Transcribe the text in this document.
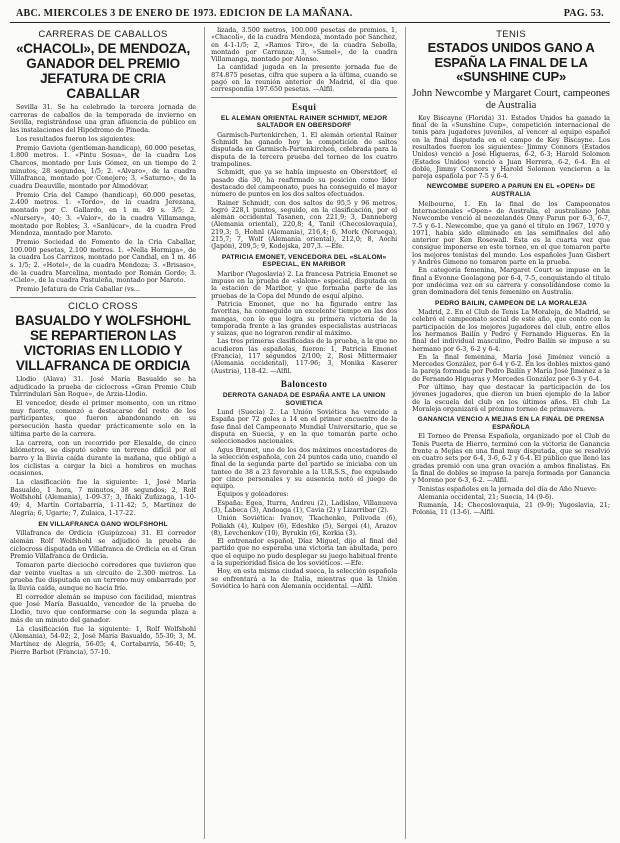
ABC. MIERCOLES 3 DE ENERO DE 1973. EDICION DE LA MAÑANA.	PAG. 53.
CARRERAS DE CABALLOS
«CHACOLI», DE MENDOZA, GANADOR DEL PREMIO JEFATURA DE CRIA CABALLAR

Sevilla 31. Se ha celebrado la tercera jornada de carreras de caballos de la temporada de invierno en Sevilla, registrándose una gran afluencia de público en las instalaciones del Hipódromo de Pineda.

Los resultados fueron los siguientes:

Premio Gaviota (gentleman-handicap), 60.000 pesetas, 1.800 metros. 1. «Pintu Sosua», de la cuadra Los Charcos, montado por Luis Gómez, en un tiempo de 2 minutos, 28 segundos, 1/5; 2. «Alvaro», de la cuadra Villafranca, montado por Conejero; 3. «Saturno», de la cuadra Deauville, montado por Almodóvar.

Premio Cría del Campo (handicap), 60.000 pesetas, 2.400 metros. 1. «Tordo», de la cuadra Jerezana, montado por C. Gallardo, en 1 m. 49 s. 3/5; 2. «Nursery», 40; 3. «Valor», de la cuadra Villamanga, montado por Robles; 3. «Sanlúcar», de la cuadra Fred Mendoza, montado por Maroto.

Premio Sociedad de Fomento de la Cría Caballar, 100.000 pesetas, 2.100 metros. 1. «Nella Hormiga», de la cuadra Los Carrizos, montado por Candial, en 1 m. 46 s. 1/5; 2. «Hotel», de la cuadra Mendoza; 3. «Brisaso», de la cuadra Marcelina, montado por Román Gordo; 3. «Cielo», de la cuadra Pastuleña, montado por Maroto.

Premio Jefatura de Cría Caballar (vs...

CICLO CROSS
BASUALDO Y WOLFSHOHL SE REPARTIERON LAS VICTORIAS EN LLODIO Y VILLAFRANCA DE ORDICIA

Llodio (Alava) 31. José María Basualdo se ha adjudicado la prueba de ciclocross «Gran Premio Club Txirrindulari San Roque», de Arzia-Llodio.

El vencedor, desde el primer momento, con un ritmo muy fuerte, comenzó a destacarse del resto de los participantes, que fueron abandonando en su persecución hasta quedar prácticamente solo en la última parte de la carrera.

La carrera, con un recorrido por Elexalde, de cinco kilómetros, se disputó sobre un terreno difícil por el barro y la lluvia caída durante la mañana, que obligó a los ciclistas a cargar la bici a hombros en muchas ocasiones.

La clasificación fue la siguiente: 1, José María Basualdo, 1 hora, 7 minutos, 38 segundos; 2, Rolf Wolfshohl (Alemania), 1-09-37; 3, Iñaki Zuñizaga, 1-10-49; 4, Martín Cortabarría, 1-11-42; 5, Martínez de Alegría; 6, Ugarte; 7, Zulaica, 1-17-22.

EN VILLAFRANCA GANO WOLFSHOHL

Villafranca de Ordicia (Guipúzcoa) 31. El corredor alemán Rolf Wolfshohl se adjudicó la prueba de ciclocross disputada en Villafranca de Ordicia en el Gran Premio Villafranca de Ordicia.

Tomaron parte dieciocho corredores que tuvieron que dar veinte vueltas a un circuito de 2.300 metros. La prueba fue disputada en un terreno muy embarrado por la lluvia caída, aunque no hacía frío.

El corredor alemán se impuso con facilidad, mientras que José María Basualdo, vencedor de la prueba de Llodio, tuvo que conformarse con la segunda plaza a más de un minuto del ganador.

La clasificación fue la siguiente: 1, Rolf Wolfshohl (Alemania), 54-02; 2, José María Basualdo, 55-30; 3, M. Martínez de Alegría, 56-05; 4, Cortabarría, 56-40; 5, Pierre Barbot (Francia), 57-10.

lizada, 3.500 metros, 100.000 pesetas de premios. 1, «Chacolí», de la cuadra Mendoza, montado por Sánchez, en 4-1-1/5; 2, «Ramos Tiro», de la cuadra Sebolla, montado por Carranza; 3, «Samel», de la cuadra Villamanga, montado por Alonso.

La cantidad jugada en la presente jornada fue de 874.875 pesetas, cifra que supera a la última, cuando se pagó en la reunión anterior de Madrid, el día que correspondía 197.650 pesetas. —Alfil.

Esqui
EL ALEMAN ORIENTAL RAINER SCHMIDT, MEJOR SALTADOR EN OBERSDORF

Garmisch-Partenkirchen, 1. El alemán oriental Rainer Schmidt ha ganado hoy la competición de saltos disputada en Garmisch-Partenkirchen, celebrada para la disputa de la tercera prueba del torneo de los cuatro trampolines.

Schmidt, que ya se había impuesto en Oberstdorf, el pasado día 30, ha reafirmado su posición como líder destacado del campeonato, pues ha conseguido el mayor número de puntos en los dos saltos efectuados.

Rainer Schmidt, con dos saltos de 95,5 y 96 metros, logró 228,1 puntos, seguido, en la clasificación, por el alemán occidental Tasanen, con 221,9; 3, Danneberg (Alemania oriental), 220,8; 4, Tanil (Checoslovaquia), 219,3; 5, Hohnl (Alemania), 216,4; 6, Mork (Noruega), 215,7; 7, Wolf (Alemania oriental), 212,0; 8, Aochi (Japón), 209,5; 9, Kodejska, 207,3. —Efe.

PATRICIA EMONET, VENCEDORA DEL «SLALOM» ESPECIAL, EN MARIBOR

Maribor (Yugoslavia) 2. La francesa Patricia Emonet se impuso en la prueba de «slalom» especial, disputada en la estación de Maribor, y que formaba parte de las pruebas de la Copa del Mundo de esquí alpino.

Patricia Emonet, que no ha figurado entre las favoritas, ha conseguido un excelente tiempo en las dos mangas, con lo que logra su primera victoria de la temporada frente a las grandes especialistas austriacas y suizas, que no lograron rendir al máximo.

Las tres primeras clasificadas de la prueba, a la que no acudieron las españolas, fueron: 1, Patricia Emonet (Francia), 117 segundos 2/100; 2, Rosi Mittermaier (Alemania occidental), 117-96; 3, Monika Kaserer (Austria), 118-42. —Alfil.

Baloncesto
DERROTA GANADA DE ESPAÑA ANTE LA UNION SOVIETICA

Lund (Suecia) 2. La Unión Soviética ha vencido a España por 72 goles a 14 en el primer encuentro de la fase final del Campeonato Mundial Universitario, que se disputa en Suecia, y en la que tomarán parte ocho seleccionados nacionales.

Agus Brunet, uno de los dos máximos encestadores de la selección española, con 24 puntos cada uno, cuando el final de la segunda parte del partido se iniciaba con un tanteo de 38 a 23 favorable a la U.R.S.S., fue expulsado por cinco personales y su ausencia notó el juego de equipo.

Equipos y goleadores:

España: Egea, Iturra, Andreu (2), Ladislao, Villanueva (3), Labeca (3), Andoaga (1), Cavia (2) y Lizarribar (2).

Unión Soviética: Ivanov, Tkachenko, Polivoda (6), Poliakh (4), Kulpev (6), Edeshko (5), Sergei (4), Arazov (8), Levchenkov (10), Byrukin (6), Korkia (3).

El entrenador español, Díaz Miguel, dijo al final del partido que no esperaba una victoria tan abultada, pero que el equipo no pudo desplegar su juego habitual frente a la superioridad física de los soviéticos. —Efe.

Hoy, en esta misma ciudad sueca, la selección española se enfrentará a la de Italia, mientras que la Unión Soviética lo hará con Alemania occidental. —Alfil.

TENIS
ESTADOS UNIDOS GANO A ESPAÑA LA FINAL DE LA «SUNSHINE CUP»
John Newcombe y Margaret Court, campeones de Australia

Key Biscayne (Florida) 31. Estados Unidos ha ganado la final de la «Sunshine Cup», competición internacional de tenis para jugadores juveniles, al vencer al equipo español en la final disputada en el campo de Key Biscayne. Los resultados fueron los siguientes: Jimmy Connors (Estados Unidos) venció a José Higueras, 6-2, 6-3; Harold Solomon (Estados Unidos) venció a Juan Herrera, 6-2, 6-4. En el doble, Jimmy Connors y Harold Solomon vencieron a la pareja española por 7-5 y 6-4.

NEWCOMBE SUPERO A PARUN EN EL «OPEN» DE AUSTRALIA

Melbourne, 1. En la final de los Campeonatos Internacionales «Open» de Australia, el australiano John Newcombe venció al neozelandés Onny Parun por 6-3, 6-7, 7-5 y 6-1. Newcombe, que ya ganó el título en 1967, 1970 y 1971, había sido eliminado en las semifinales del año anterior por Ken Rosewall. Esta es la cuarta vez que consigue imponerse en este torneo, en el que tomaron parte los mejores tenistas del mundo. Los españoles Juan Gisbert y Andrés Gimeno no tomaron parte en la prueba.

En categoría femenina, Margaret Court se impuso en la final a Evonne Goolagong por 6-4, 7-5, conquistando el título por undécima vez en su carrera y consolidándose como la gran dominadora del tenis femenino en Australia.

PEDRO BAILIN, CAMPEON DE LA MORALEJA

Madrid, 2. En el Club de Tenis La Moraleja, de Madrid, se celebró el campeonato social de este año, que contó con la participación de los mejores jugadores del club, entre ellos los hermanos Bailín y Pedro y Fernando Higueras. En la final del individual masculino, Pedro Bailín se impuso a su hermano por 6-3, 6-2 y 6-4.

En la final femenina, María José Jiménez venció a Mercedes González, por 6-4 y 6-2. En los dobles mixtos ganó la pareja formada por Pedro Bailín y María José Jiménez a la de Fernando Higueras y Mercedes González por 6-3 y 6-4.

Por último, hay que destacar la participación de los jóvenes jugadores, que dieron un buen ejemplo de la labor de la escuela del club en los últimos años. El club La Moraleja organizará el próximo torneo de primavera.

GANANCIA VENCIO A MEJIAS EN LA FINAL DE PRENSA ESPAÑOLA

El Torneo de Prensa Española, organizado por el Club de Tenis Puerta de Hierro, terminó con la victoria de Ganancia frente a Mejías en una final muy disputada, que se resolvió en cuatro sets por 6-4, 3-6, 6-2 y 6-4. El público que llenó las gradas premió con una gran ovación a ambos finalistas. En la final de dobles se impuso la pareja formada por Ganancia y Moreno por 6-3, 6-2. —Alfil.

Tenistas españoles en la jornada del día de Año Nuevo:

Alemania occidental, 21; Suecia, 14 (9-6).

Rumanía, 14; Checoslovaquia, 21 (9-9); Yugoslavia, 21; Polonia, 11 (13-6). —Alfil.
